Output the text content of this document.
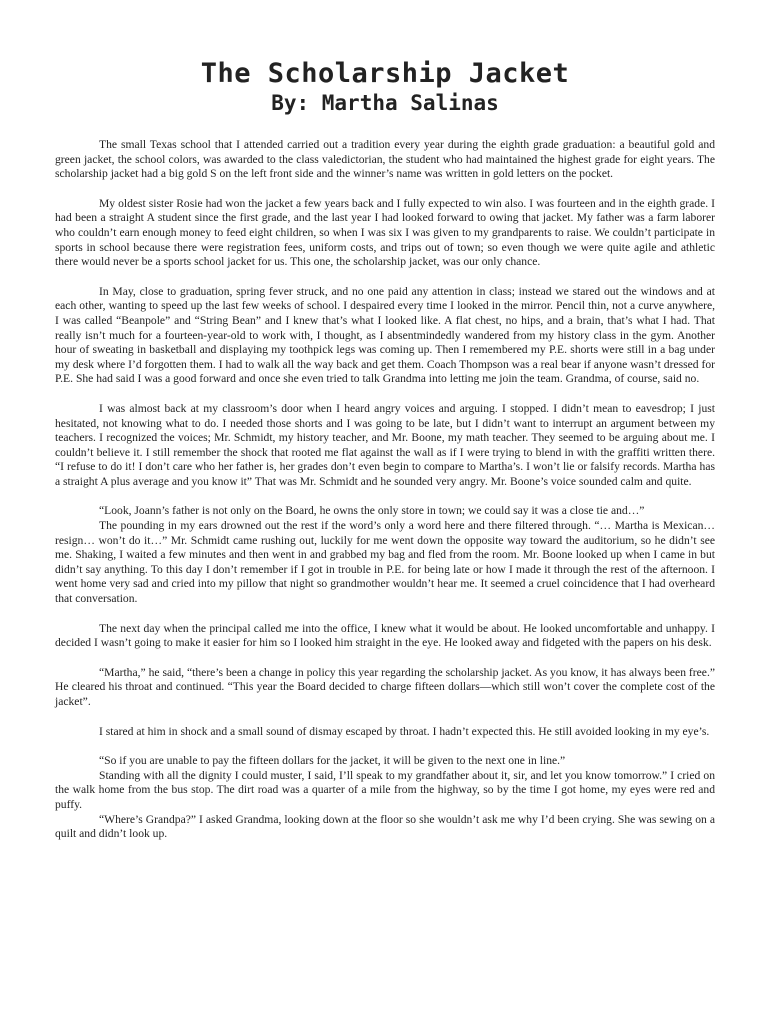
The Scholarship Jacket
By: Martha Salinas

The small Texas school that I attended carried out a tradition every year during the eighth grade graduation: a beautiful gold and green jacket, the school colors, was awarded to the class valedictorian, the student who had maintained the highest grade for eight years. The scholarship jacket had a big gold S on the left front side and the winner’s name was written in gold letters on the pocket.

My oldest sister Rosie had won the jacket a few years back and I fully expected to win also. I was fourteen and in the eighth grade. I had been a straight A student since the first grade, and the last year I had looked forward to owing that jacket. My father was a farm laborer who couldn’t earn enough money to feed eight children, so when I was six I was given to my grandparents to raise. We couldn’t participate in sports in school because there were registration fees, uniform costs, and trips out of town; so even though we were quite agile and athletic there would never be a sports school jacket for us. This one, the scholarship jacket, was our only chance.

In May, close to graduation, spring fever struck, and no one paid any attention in class; instead we stared out the windows and at each other, wanting to speed up the last few weeks of school. I despaired every time I looked in the mirror. Pencil thin, not a curve anywhere, I was called “Beanpole” and “String Bean” and I knew that’s what I looked like. A flat chest, no hips, and a brain, that’s what I had. That really isn’t much for a fourteen-year-old to work with, I thought, as I absentmindedly wandered from my history class in the gym. Another hour of sweating in basketball and displaying my toothpick legs was coming up. Then I remembered my P.E. shorts were still in a bag under my desk where I’d forgotten them. I had to walk all the way back and get them. Coach Thompson was a real bear if anyone wasn’t dressed for P.E. She had said I was a good forward and once she even tried to talk Grandma into letting me join the team. Grandma, of course, said no.

I was almost back at my classroom’s door when I heard angry voices and arguing. I stopped. I didn’t mean to eavesdrop; I just hesitated, not knowing what to do. I needed those shorts and I was going to be late, but I didn’t want to interrupt an argument between my teachers. I recognized the voices; Mr. Schmidt, my history teacher, and Mr. Boone, my math teacher. They seemed to be arguing about me. I couldn’t believe it. I still remember the shock that rooted me flat against the wall as if I were trying to blend in with the graffiti written there. “I refuse to do it! I don’t care who her father is, her grades don’t even begin to compare to Martha’s. I won’t lie or falsify records. Martha has a straight A plus average and you know it” That was Mr. Schmidt and he sounded very angry. Mr. Boone’s voice sounded calm and quite.

“Look, Joann’s father is not only on the Board, he owns the only store in town; we could say it was a close tie and…”

The pounding in my ears drowned out the rest if the word’s only a word here and there filtered through. “… Martha is Mexican… resign… won’t do it…” Mr. Schmidt came rushing out, luckily for me went down the opposite way toward the auditorium, so he didn’t see me. Shaking, I waited a few minutes and then went in and grabbed my bag and fled from the room. Mr. Boone looked up when I came in but didn’t say anything. To this day I don’t remember if I got in trouble in P.E. for being late or how I made it through the rest of the afternoon. I went home very sad and cried into my pillow that night so grandmother wouldn’t hear me. It seemed a cruel coincidence that I had overheard that conversation.

The next day when the principal called me into the office, I knew what it would be about. He looked uncomfortable and unhappy. I decided I wasn’t going to make it easier for him so I looked him straight in the eye. He looked away and fidgeted with the papers on his desk.

“Martha,” he said, “there’s been a change in policy this year regarding the scholarship jacket. As you know, it has always been free.” He cleared his throat and continued. “This year the Board decided to charge fifteen dollars—which still won’t cover the complete cost of the jacket”.

I stared at him in shock and a small sound of dismay escaped by throat. I hadn’t expected this. He still avoided looking in my eye’s.

“So if you are unable to pay the fifteen dollars for the jacket, it will be given to the next one in line.”

Standing with all the dignity I could muster, I said, I’ll speak to my grandfather about it, sir, and let you know tomorrow.” I cried on the walk home from the bus stop. The dirt road was a quarter of a mile from the highway, so by the time I got home, my eyes were red and puffy.

“Where’s Grandpa?” I asked Grandma, looking down at the floor so she wouldn’t ask me why I’d been crying. She was sewing on a quilt and didn’t look up.
